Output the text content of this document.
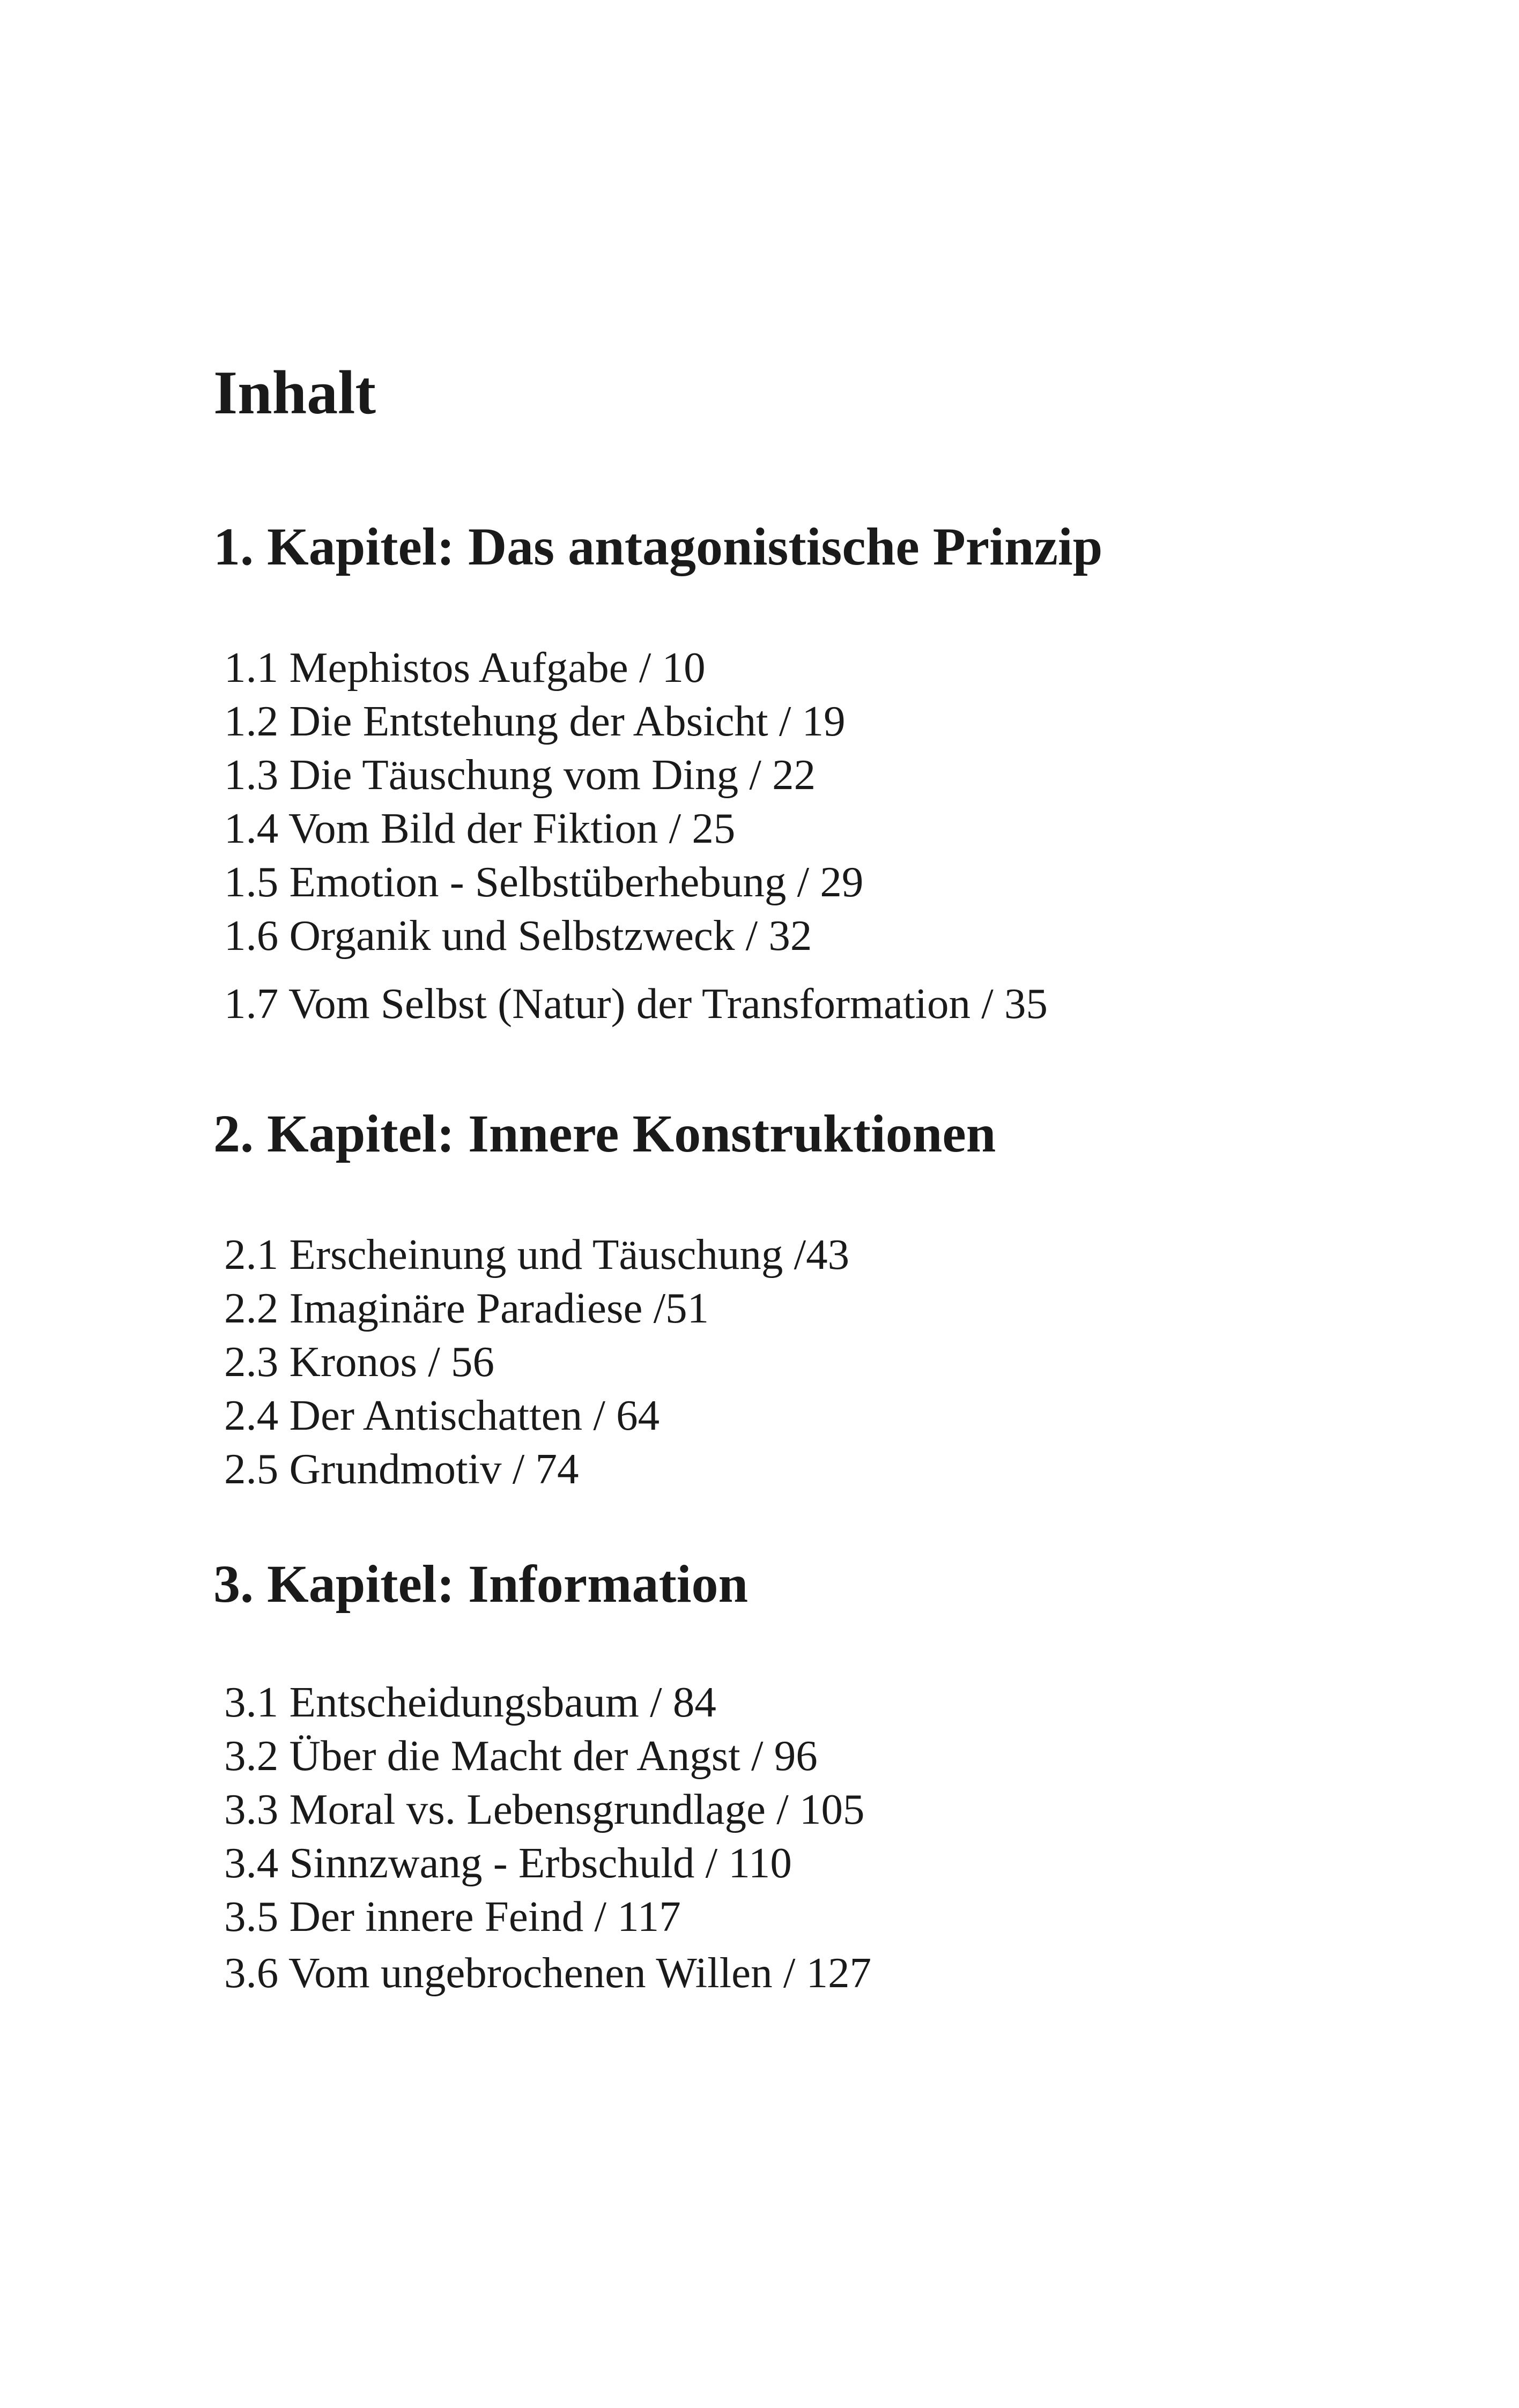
Inhalt
1. Kapitel: Das antagonistische Prinzip

1.1 Mephistos Aufgabe / 10

1.2 Die Entstehung der Absicht / 19

1.3 Die Täuschung vom Ding / 22

1.4 Vom Bild der Fiktion / 25

1.5 Emotion - Selbstüberhebung / 29

1.6 Organik und Selbstzweck / 32

1.7 Vom Selbst (Natur) der Transformation / 35

2. Kapitel: Innere Konstruktionen

2.1 Erscheinung und Täuschung /43

2.2 Imaginäre Paradiese /51

2.3 Kronos / 56

2.4 Der Antischatten / 64

2.5 Grundmotiv / 74

3. Kapitel: Information

3.1 Entscheidungsbaum / 84

3.2 Über die Macht der Angst / 96

3.3 Moral vs. Lebensgrundlage / 105

3.4 Sinnzwang - Erbschuld / 110

3.5 Der innere Feind / 117

3.6 Vom ungebrochenen Willen / 127
